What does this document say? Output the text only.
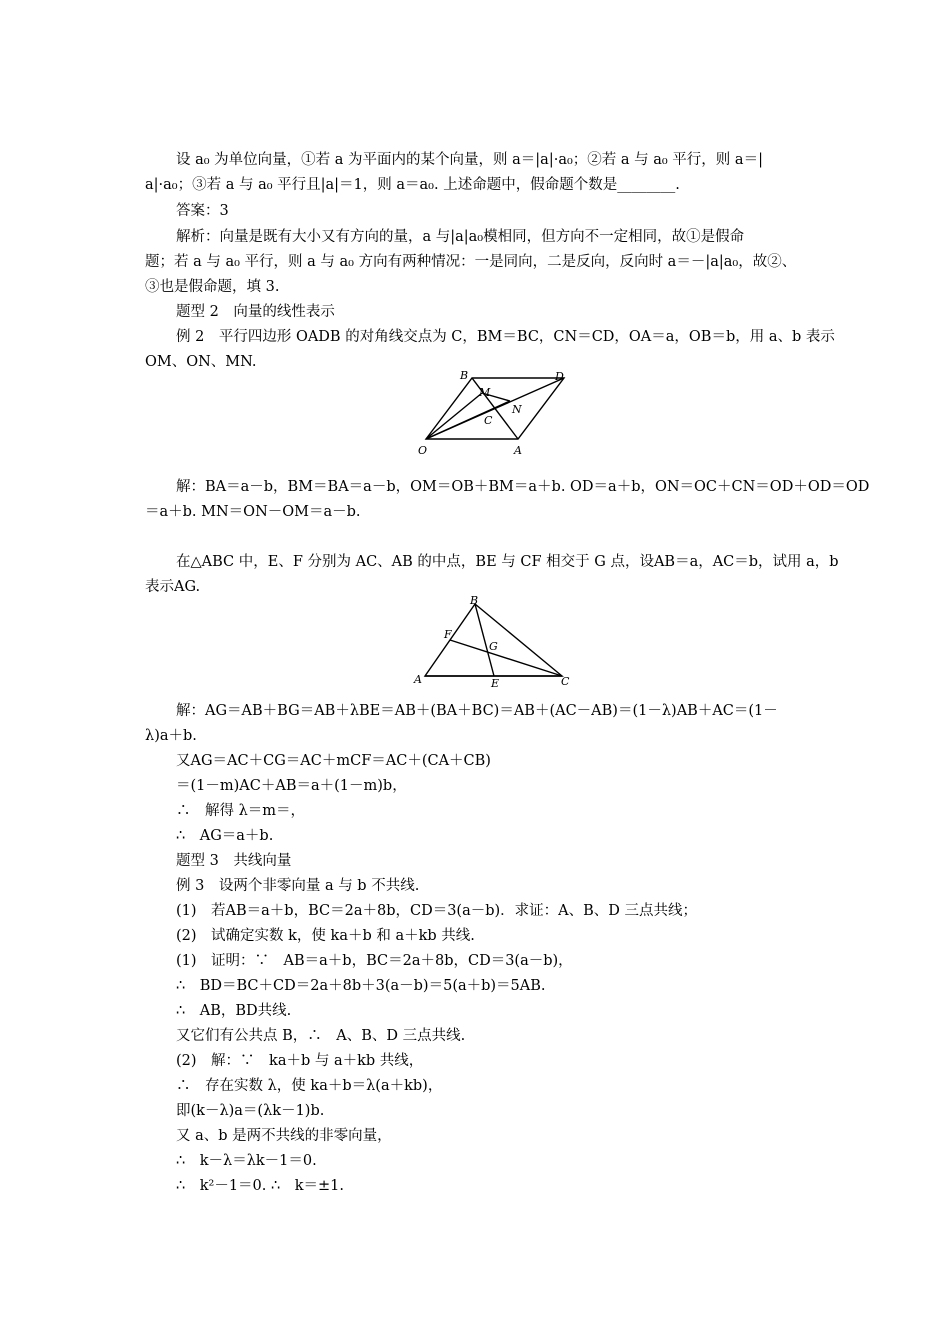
设 a₀ 为单位向量，①若 a 为平面内的某个向量，则 a＝|a|·a₀；②若 a 与 a₀ 平行，则 a＝|
a|·a₀；③若 a 与 a₀ 平行且|a|＝1，则 a＝a₀. 上述命题中，假命题个数是________.
答案：3
解析：向量是既有大小又有方向的量，a 与|a|a₀模相同，但方向不一定相同，故①是假命
题；若 a 与 a₀ 平行，则 a 与 a₀ 方向有两种情况：一是同向，二是反向，反向时 a＝－|a|a₀，故②、
③也是假命题，填 3.
题型 2　向量的线性表示
例 2　平行四边形 OADB 的对角线交点为 C，BM＝BC，CN＝CD，OA＝a，OB＝b，用 a、b 表示
OM、ON、MN.
B	D
M
N
C
O	A
解：BA＝a－b，BM＝BA＝a－b，OM＝OB＋BM＝a＋b. OD＝a＋b，ON＝OC＋CN＝OD＋OD＝OD
＝a＋b. MN＝ON－OM＝a－b.
在△ABC 中，E、F 分别为 AC、AB 的中点，BE 与 CF 相交于 G 点，设AB＝a，AC＝b，试用 a，b
表示AG.
B
F
G
A	E	C
解：AG＝AB＋BG＝AB＋λBE＝AB＋(BA＋BC)＝AB＋(AC－AB)＝(1－λ)AB＋AC＝(1－
λ)a＋b.
又AG＝AC＋CG＝AC＋mCF＝AC＋(CA＋CB)
＝(1－m)AC＋AB＝a＋(1－m)b，
∴　解得 λ＝m＝，
∴　AG＝a＋b.
题型 3　共线向量
例 3　设两个非零向量 a 与 b 不共线.
(1)　若AB＝a＋b，BC＝2a＋8b，CD＝3(a－b)．求证：A、B、D 三点共线；
(2)　试确定实数 k，使 ka＋b 和 a＋kb 共线.
(1)　证明：∵　AB＝a＋b，BC＝2a＋8b，CD＝3(a－b)，
∴　BD＝BC＋CD＝2a＋8b＋3(a－b)＝5(a＋b)＝5AB.
∴　AB，BD共线.
又它们有公共点 B，∴　A、B、D 三点共线.
(2)　解：∵　ka＋b 与 a＋kb 共线，
∴　存在实数 λ，使 ka＋b＝λ(a＋kb)，
即(k－λ)a＝(λk－1)b.
又 a、b 是两不共线的非零向量，
∴　k－λ＝λk－1＝0.
∴　k²－1＝0. ∴　k＝±1.
